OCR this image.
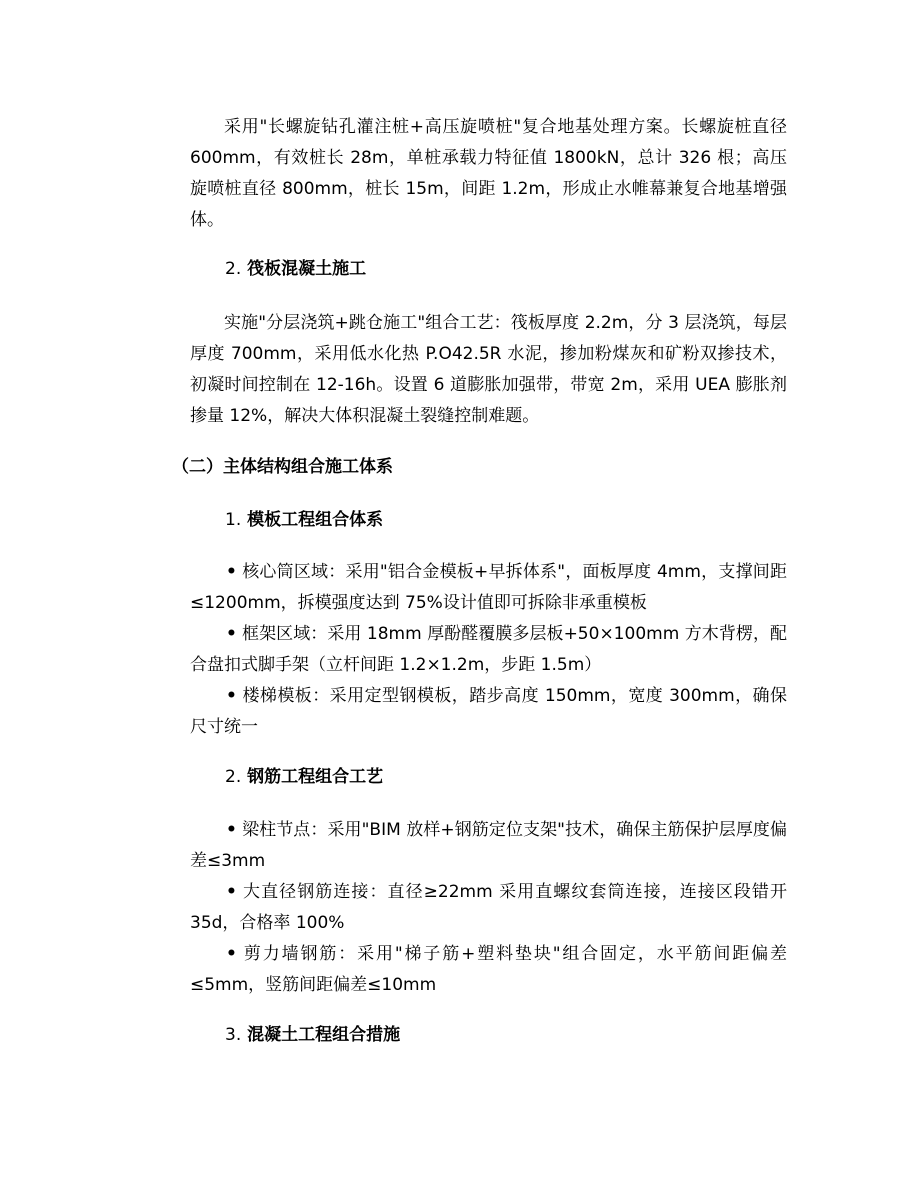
采用"长螺旋钻孔灌注桩+高压旋喷桩"复合地基处理方案。长螺旋桩直径 600mm，有效桩长 28m，单桩承载力特征值 1800kN，总计 326 根；高压旋喷桩直径 800mm，桩长 15m，间距 1.2m，形成止水帷幕兼复合地基增强体。

2. 筏板混凝土施工

实施"分层浇筑+跳仓施工"组合工艺：筏板厚度 2.2m，分 3 层浇筑，每层厚度 700mm，采用低水化热 P.O42.5R 水泥，掺加粉煤灰和矿粉双掺技术，初凝时间控制在 12-16h。设置 6 道膨胀加强带，带宽 2m，采用 UEA 膨胀剂掺量 12%，解决大体积混凝土裂缝控制难题。

（二）主体结构组合施工体系

1. 模板工程组合体系

• 核心筒区域：采用"铝合金模板+早拆体系"，面板厚度 4mm，支撑间距≤1200mm，拆模强度达到 75%设计值即可拆除非承重模板

• 框架区域：采用 18mm 厚酚醛覆膜多层板+50×100mm 方木背楞，配合盘扣式脚手架（立杆间距 1.2×1.2m，步距 1.5m）

• 楼梯模板：采用定型钢模板，踏步高度 150mm，宽度 300mm，确保尺寸统一

2. 钢筋工程组合工艺

• 梁柱节点：采用"BIM 放样+钢筋定位支架"技术，确保主筋保护层厚度偏差≤3mm

• 大直径钢筋连接：直径≥22mm 采用直螺纹套筒连接，连接区段错开 35d，合格率 100%

• 剪力墙钢筋：采用"梯子筋+塑料垫块"组合固定，水平筋间距偏差≤5mm，竖筋间距偏差≤10mm

3. 混凝土工程组合措施
